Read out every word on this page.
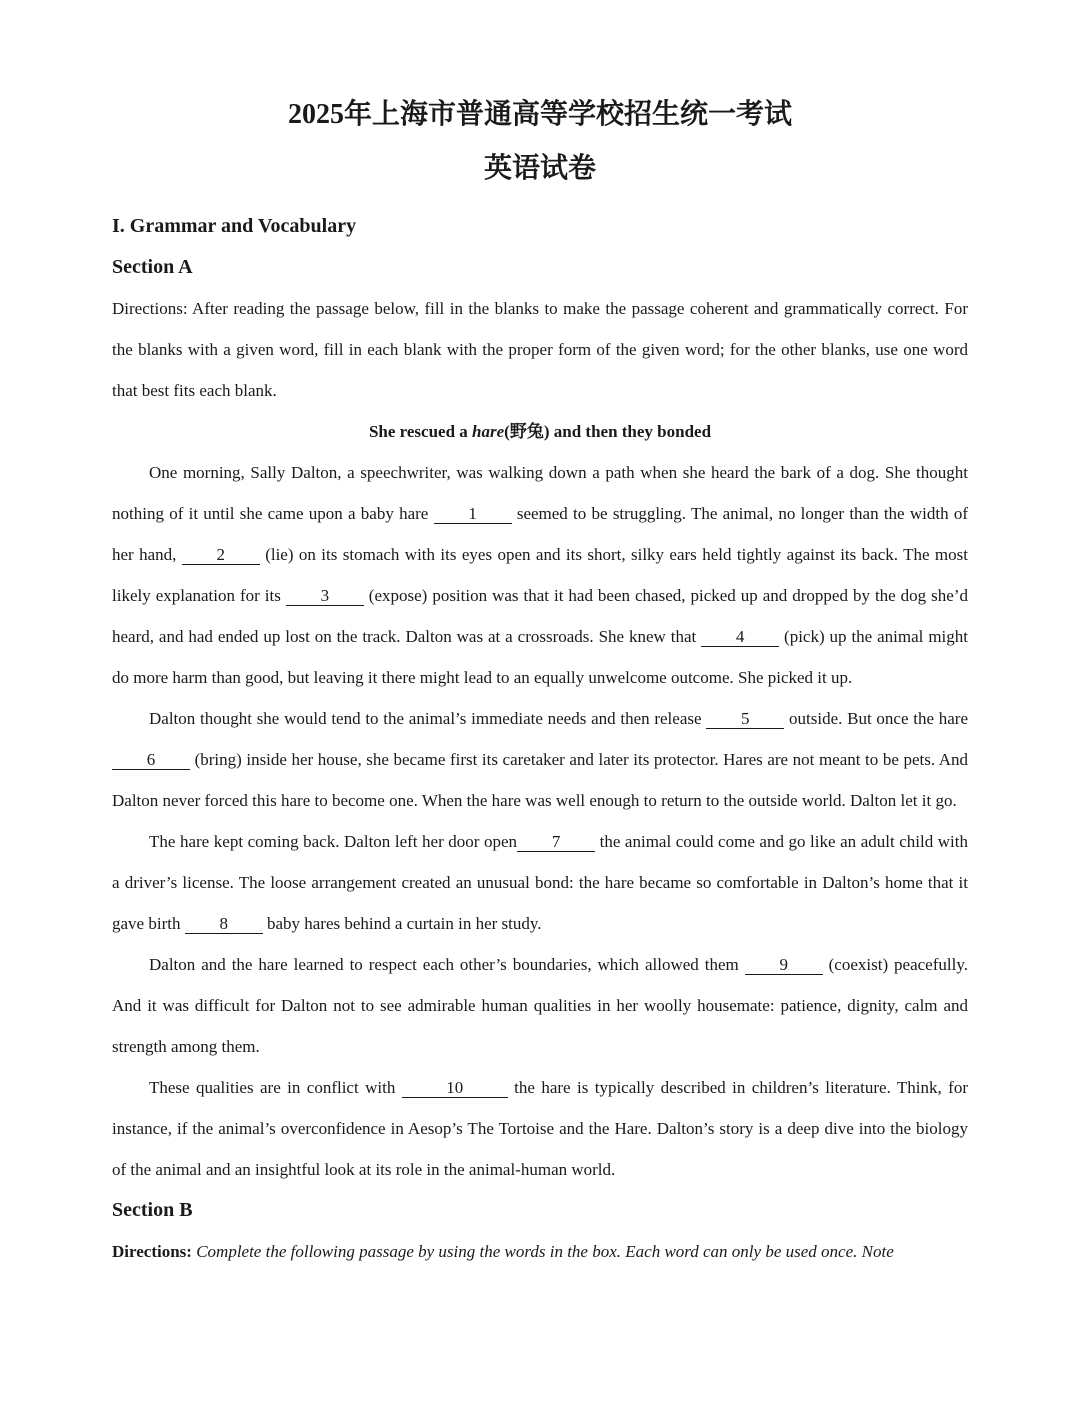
2025年上海市普通高等学校招生统一考试
英语试卷
I. Grammar and Vocabulary
Section A

Directions: After reading the passage below, fill in the blanks to make the passage coherent and grammatically correct. For the blanks with a given word, fill in each blank with the proper form of the given word; for the other blanks, use one word that best fits each blank.

She rescued a hare(野兔) and then they bonded

One morning, Sally Dalton, a speechwriter, was walking down a path when she heard the bark of a dog. She thought nothing of it until she came upon a baby hare 1 seemed to be struggling. The animal, no longer than the width of her hand, 2 (lie) on its stomach with its eyes open and its short, silky ears held tightly against its back. The most likely explanation for its 3 (expose) position was that it had been chased, picked up and dropped by the dog she’d heard, and had ended up lost on the track. Dalton was at a crossroads. She knew that 4 (pick) up the animal might do more harm than good, but leaving it there might lead to an equally unwelcome outcome. She picked it up.

Dalton thought she would tend to the animal’s immediate needs and then release 5 outside. But once the hare 6 (bring) inside her house, she became first its caretaker and later its protector. Hares are not meant to be pets. And Dalton never forced this hare to become one. When the hare was well enough to return to the outside world. Dalton let it go.

The hare kept coming back. Dalton left her door open 7 the animal could come and go like an adult child with a driver’s license. The loose arrangement created an unusual bond: the hare became so comfortable in Dalton’s home that it gave birth 8 baby hares behind a curtain in her study.

Dalton and the hare learned to respect each other’s boundaries, which allowed them 9 (coexist) peacefully. And it was difficult for Dalton not to see admirable human qualities in her woolly housemate: patience, dignity, calm and strength among them.

These qualities are in conflict with	10	the hare is typically described in children’s literature. Think, for instance, if the animal’s overconfidence in Aesop’s The Tortoise and the Hare. Dalton’s story is a deep dive into the biology of the animal and an insightful look at its role in the animal-human world.

Section B

Directions: Complete the following passage by using the words in the box. Each word can only be used once. Note
